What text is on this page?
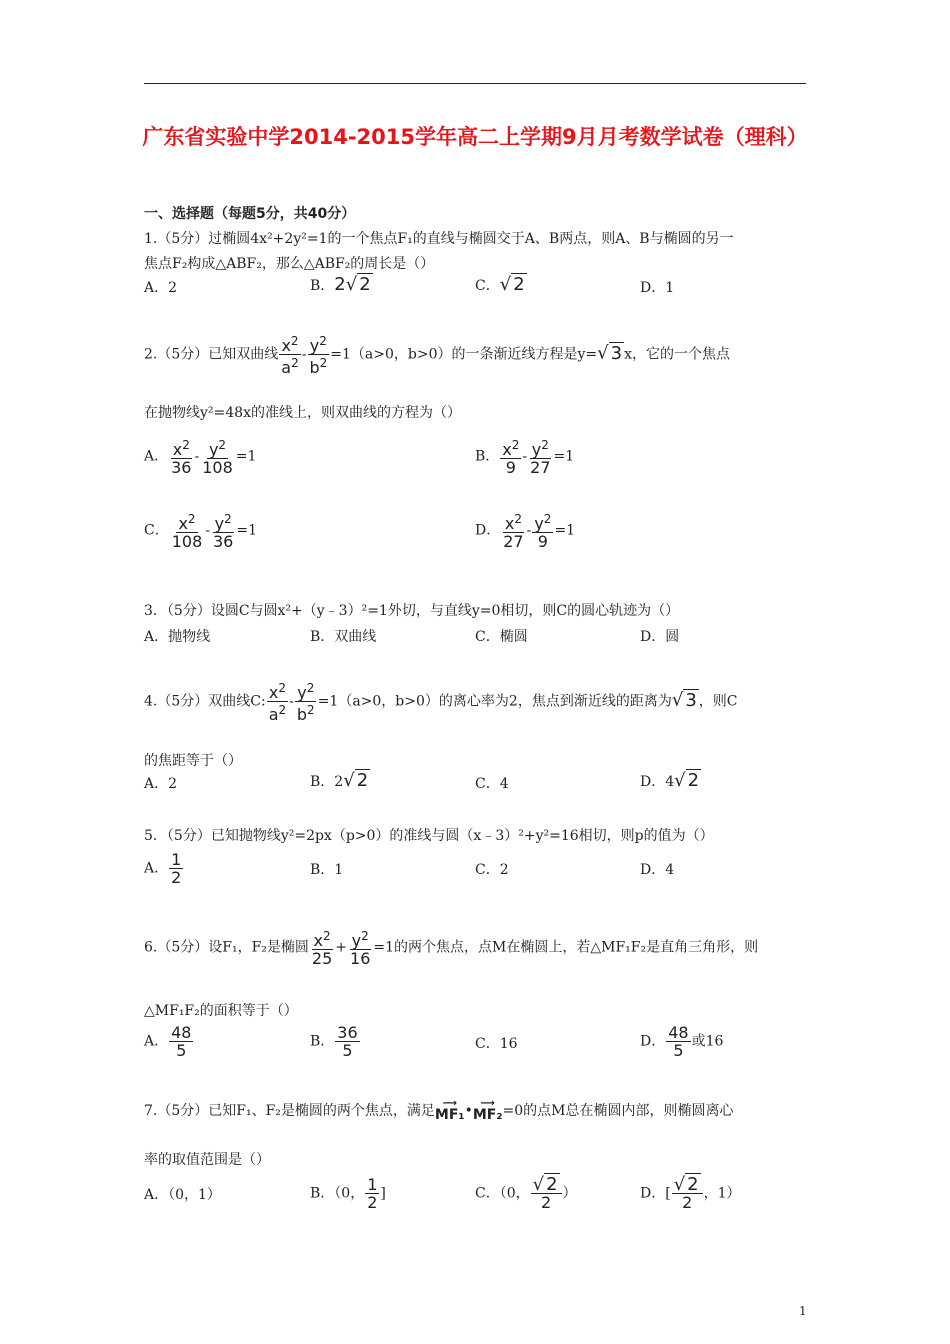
广东省实验中学2014-2015学年高二上学期9月月考数学试卷（理科）
一、选择题（每题5分，共40分）
1.（5分）过椭圆4x²+2y²=1的一个焦点F₁的直线与椭圆交于A、B两点，则A、B与椭圆的另一
焦点F₂构成△ABF₂，那么△ABF₂的周长是（）
A．2	B．2√ 2	C．√ 2	D．1
2.（5分）已知双曲线 $\frac{x^2}{a^2} - \frac{y^2}{b^2} =1(a>0$，b>0）的一条渐近线方程是y=√ 3 x，它的一个焦点
在抛物线y²=48x的准线上，则双曲线的方程为（）
A． $\frac{x^2}{36} - \frac{y^2}{108} =1$	B． $\frac{x^2}{9} - \frac{y^2}{27} =1$
C． $\frac{x^2}{108} - \frac{y^2}{36} =1$	D． $\frac{x^2}{27} - \frac{y^2}{9} =1$
3．（5分）设圆C与圆x²+（y﹣3）²=1外切，与直线y=0相切，则C的圆心轨迹为（）
A．抛物线	B．双曲线	C．椭圆	D．圆
4.（5分）双曲线C: $\frac{x^2}{a^2} - \frac{y^2}{b^2} =1(a>0$，b>0）的离心率为2，焦点到渐近线的距离为√ 3 ，则C
的焦距等于（）
A．2	B．2√ 2	C．4	D．4√ 2
5．（5分）已知抛物线y²=2px（p>0）的准线与圆（x﹣3）²+y²=16相切，则p的值为（）
A． $\frac{1}{2}$	B．1	C．2	D．4
6.（5分）设F₁，F₂是椭圆 $\frac{x^2}{25} + \frac{y^2}{16} =1$的两个焦点，点M在椭圆上，若△MF₁F₂是直角三角形，则
△MF₁F₂的面积等于（）
A． $\frac{48}{5}$	B． $\frac{36}{5}$	C．16	D． $\frac{48}{5}$ 或16
7.（5分）已知F₁、F₂是椭圆的两个焦点，满足 ⟶
MF₁ • ⟶
MF₂ =0的点M总在椭圆内部，则椭圆离心
率的取值范围是（）
A．（0，1）	B．（0， $\frac{1}{2}$ ]	C．（0， $\frac{√ 2}{2}$ ）	D．[ $\frac{√ 2}{2}$ ，1）
1
